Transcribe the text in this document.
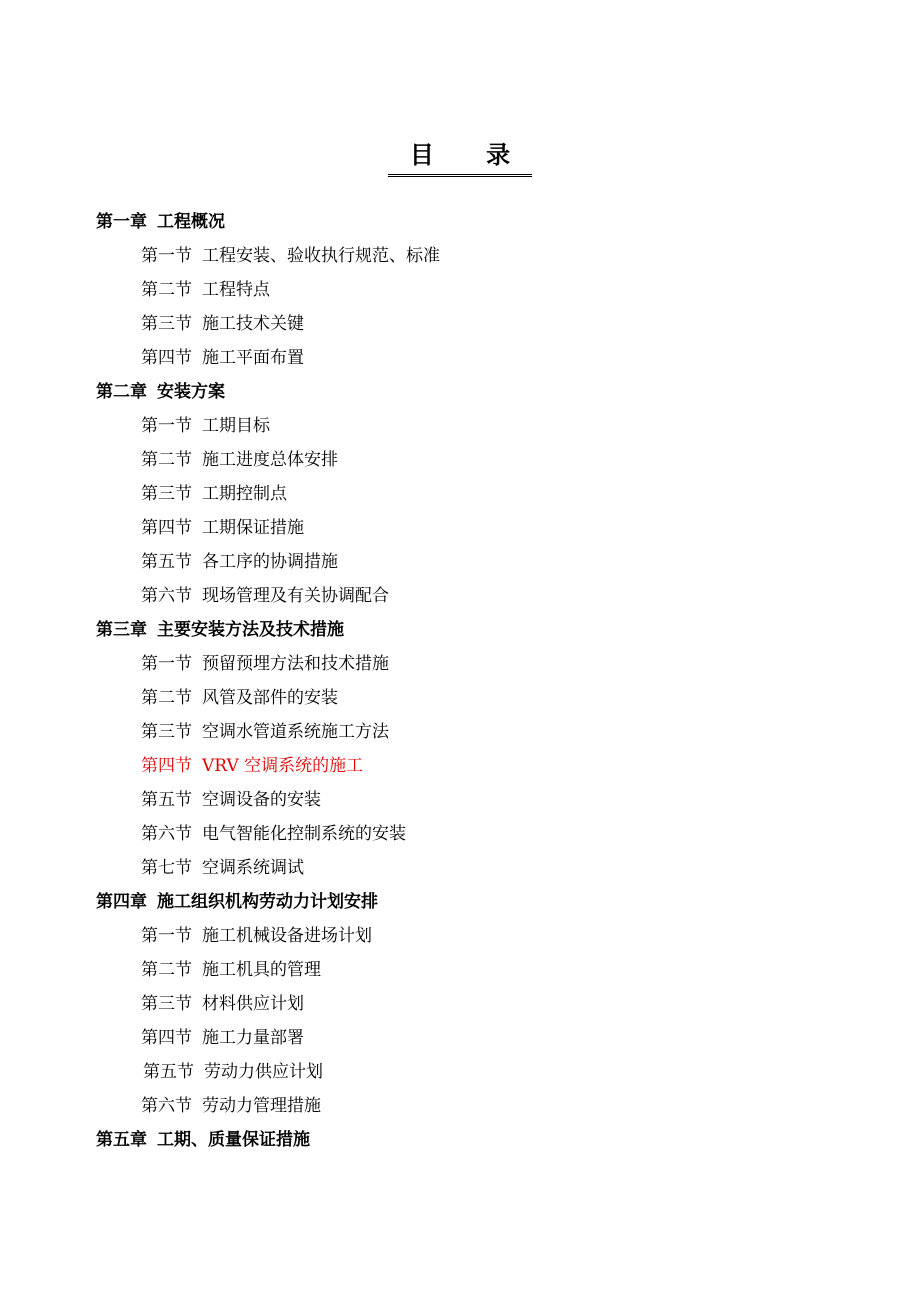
目 录
第一章 工程概况
第一节 工程安装、验收执行规范、标准
第二节 工程特点
第三节 施工技术关键
第四节 施工平面布置
第二章 安装方案
第一节 工期目标
第二节 施工进度总体安排
第三节 工期控制点
第四节 工期保证措施
第五节 各工序的协调措施
第六节 现场管理及有关协调配合
第三章 主要安装方法及技术措施
第一节 预留预埋方法和技术措施
第二节 风管及部件的安装
第三节 空调水管道系统施工方法
第四节 VRV 空调系统的施工
第五节 空调设备的安装
第六节 电气智能化控制系统的安装
第七节 空调系统调试
第四章 施工组织机构劳动力计划安排
第一节 施工机械设备进场计划
第二节 施工机具的管理
第三节 材料供应计划
第四节 施工力量部署
第五节 劳动力供应计划
第六节 劳动力管理措施
第五章 工期、质量保证措施
